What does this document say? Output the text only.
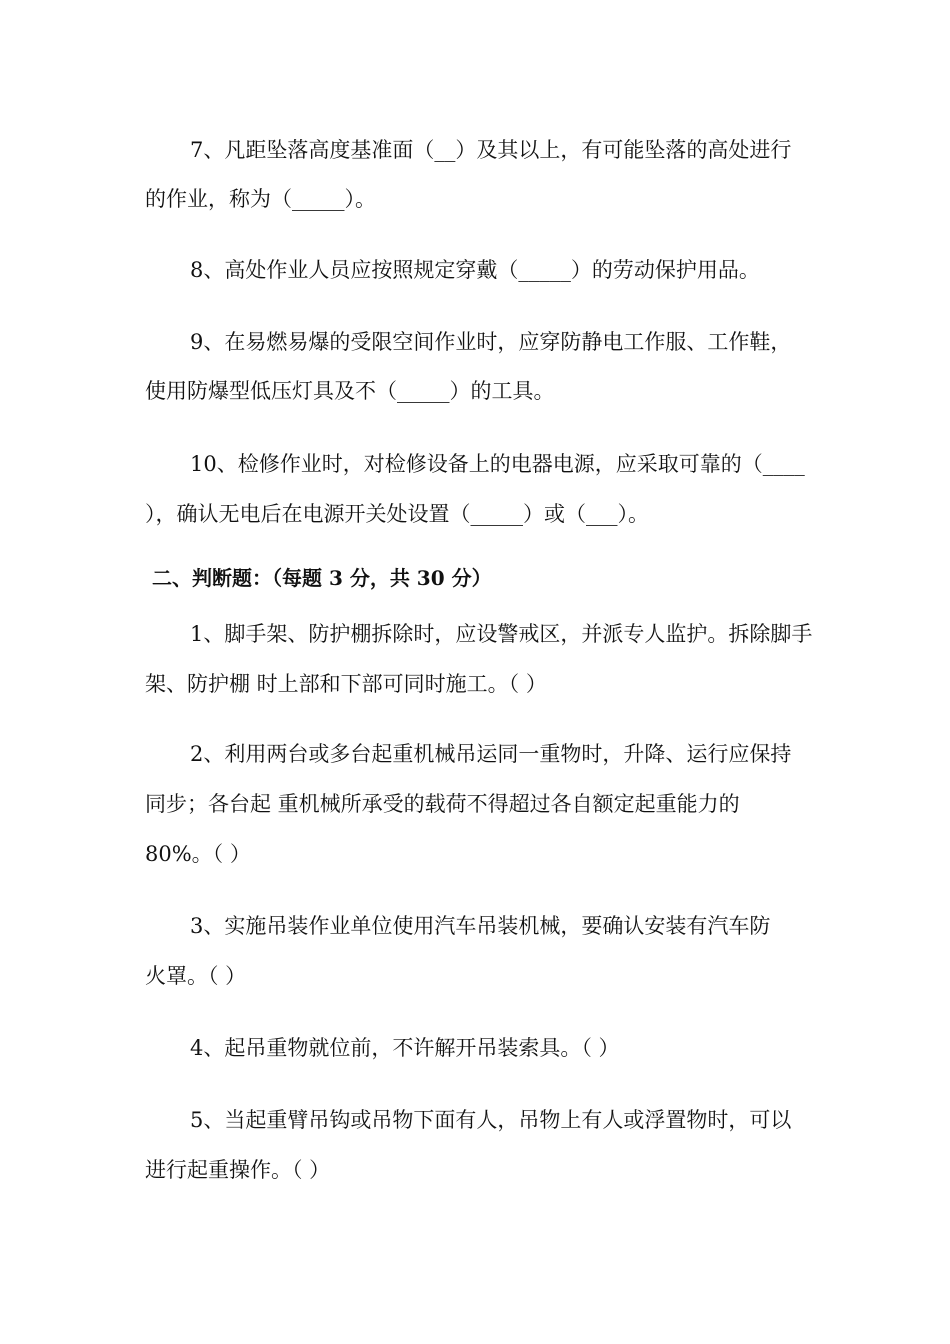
7、凡距坠落高度基准面（__）及其以上，有可能坠落的高处进行
的作业，称为（_____）。
8、高处作业人员应按照规定穿戴（_____）的劳动保护用品。
9、在易燃易爆的受限空间作业时，应穿防静电工作服、工作鞋，
使用防爆型低压灯具及不（_____）的工具。
10、检修作业时，对检修设备上的电器电源，应采取可靠的（____
），确认无电后在电源开关处设置（_____）或（___）。
二、判断题：（每题 3 分，共 30 分）
1、脚手架、防护棚拆除时，应设警戒区，并派专人监护。拆除脚手
架、防护棚 时上部和下部可同时施工。（ ）
2、利用两台或多台起重机械吊运同一重物时，升降、运行应保持
同步；各台起 重机械所承受的载荷不得超过各自额定起重能力的
80%。（ ）
3、实施吊装作业单位使用汽车吊装机械，要确认安装有汽车防
火罩。（ ）
4、起吊重物就位前，不许解开吊装索具。（ ）
5、当起重臂吊钩或吊物下面有人，吊物上有人或浮置物时，可以
进行起重操作。（ ）
